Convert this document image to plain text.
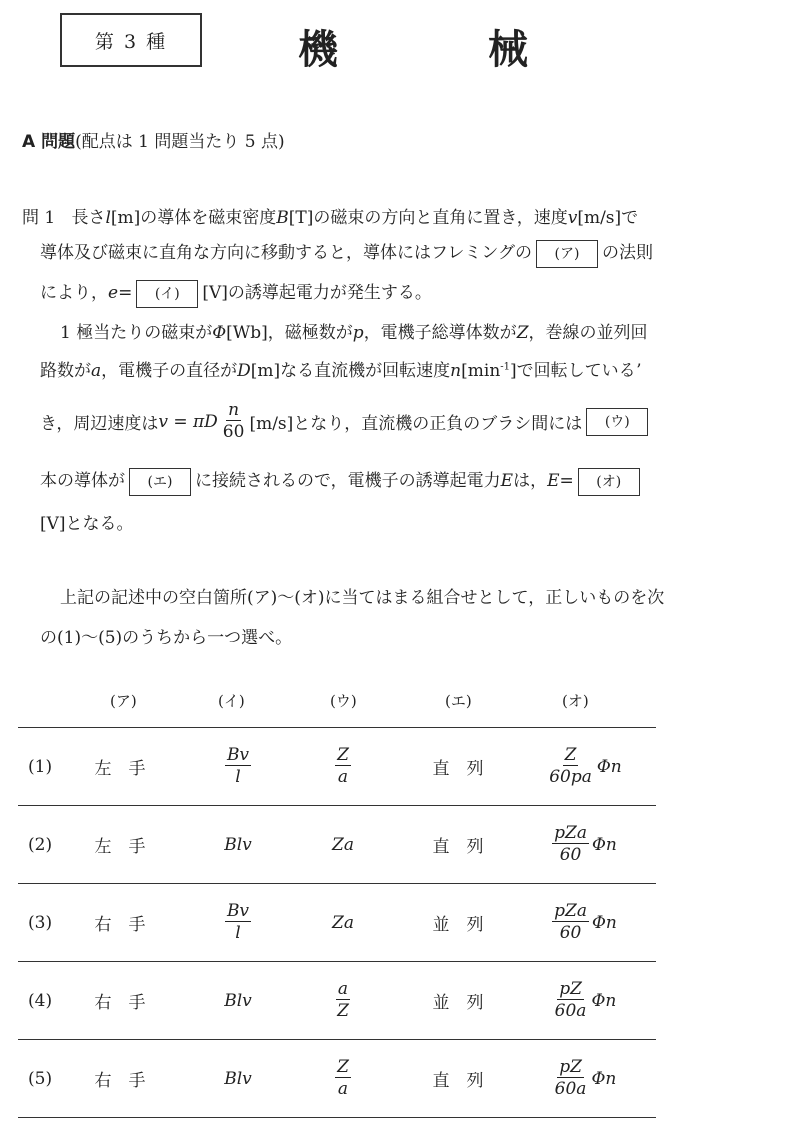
第 3 種	機	械
A 問題(配点は 1 問題当たり 5 点)
問 1 長さl[m]の導体を磁束密度B[T]の磁束の方向と直角に置き，速度v[m/s]で
導体及び磁束に直角な方向に移動すると，導体にはフレミングの (ア) の法則
により，e= (イ) [V]の誘導起電力が発生する。
1 極当たりの磁束がΦ[Wb]，磁極数がp，電機子総導体数がZ，巻線の並列回
路数がa，電機子の直径がD[m]なる直流機が回転速度$n[\min^{-1}]$で回転しているʼ
き，周辺速度は v = πD $\frac{n}{60} [m/s]$となり，直流機の正負のブラシ間には	(ウ)
本の導体が (エ) に接続されるので，電機子の誘導起電力Eは，E= (オ)
[V]となる。
上記の記述中の空白箇所(ア)～(オ)に当てはまる組合せとして，正しいものを次
の(1)～(5)のうちから一つ選べ。
(ア)	(イ)	(ウ)	(エ)	(オ)
(1)	左　手	$\frac{Bv}{l}$	$\frac{Z}{a}$	直　列	$\frac{Z}{60pa}$ Φn
(2)	左　手	Blv	Za	直　列	$\frac{\text{pZa}}{60}$ Φn
(3)	右　手	$\frac{Bv}{l}$	Za	並　列	$\frac{\text{pZa}}{60}$ Φn
(4)	右　手	Blv	$\frac{a}{Z}$	並　列	$\frac{pZ}{60a}$ Φn
(5)	右　手	Blv	$\frac{Z}{a}$	直　列	$\frac{pZ}{60a}$ Φn
